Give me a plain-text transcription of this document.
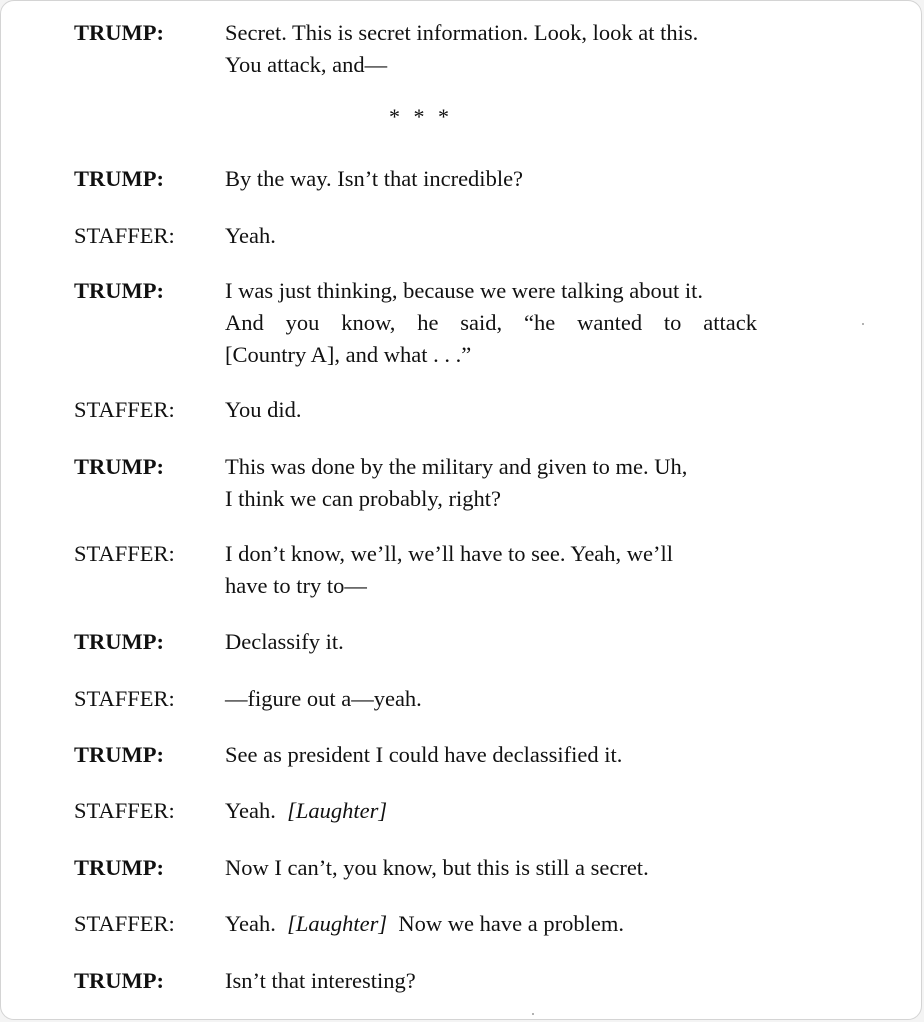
TRUMP:	Secret. This is secret information. Look, look at this.
You attack, and—
* * *
TRUMP:	By the way. Isn’t that incredible?
STAFFER: Yeah.
TRUMP:	I was just thinking, because we were talking about it.
And you know, he said, “he wanted to attack
[Country A], and what . . .”
STAFFER: You did.
TRUMP:	This was done by the military and given to me. Uh,
I think we can probably, right?
STAFFER: I don’t know, we’ll, we’ll have to see. Yeah, we’ll
have to try to—
TRUMP:	Declassify it.
STAFFER: —figure out a—yeah.
TRUMP:	See as president I could have declassified it.
STAFFER: Yeah. [Laughter]
TRUMP:	Now I can’t, you know, but this is still a secret.
STAFFER: Yeah. [Laughter] Now we have a problem.
TRUMP:	Isn’t that interesting?
